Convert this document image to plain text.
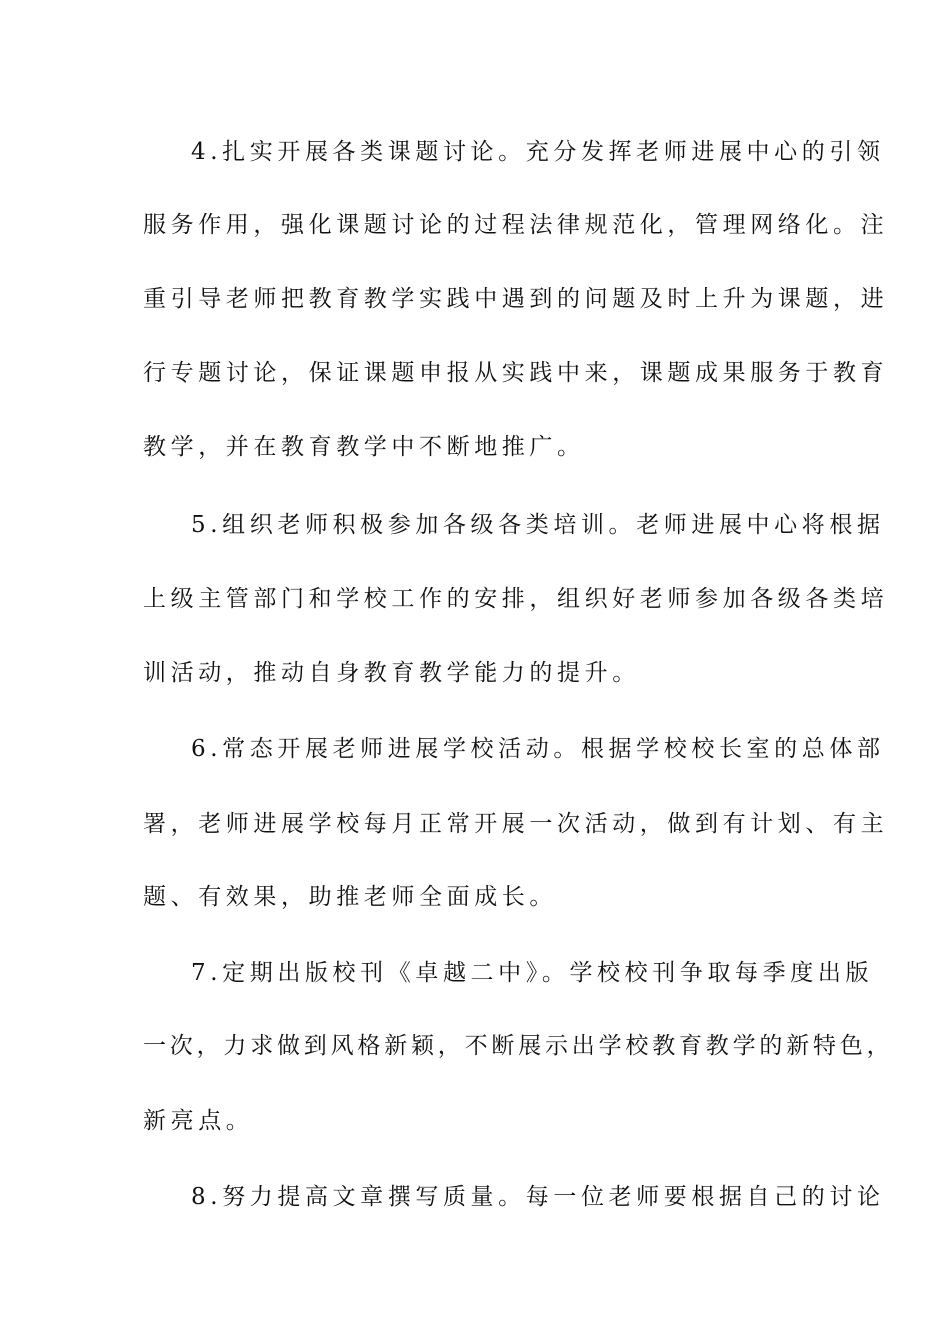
4.扎实开展各类课题讨论。充分发挥老师进展中心的引领
服务作用，强化课题讨论的过程法律规范化，管理网络化。注
重引导老师把教育教学实践中遇到的问题及时上升为课题，进
行专题讨论，保证课题申报从实践中来，课题成果服务于教育
教学，并在教育教学中不断地推广。
5.组织老师积极参加各级各类培训。老师进展中心将根据
上级主管部门和学校工作的安排，组织好老师参加各级各类培
训活动，推动自身教育教学能力的提升。
6.常态开展老师进展学校活动。根据学校校长室的总体部
署，老师进展学校每月正常开展一次活动，做到有计划、有主
题、有效果，助推老师全面成长。
7.定期出版校刊《卓越二中》。学校校刊争取每季度出版
一次，力求做到风格新颖，不断展示出学校教育教学的新特色，
新亮点。
8.努力提高文章撰写质量。每一位老师要根据自己的讨论
